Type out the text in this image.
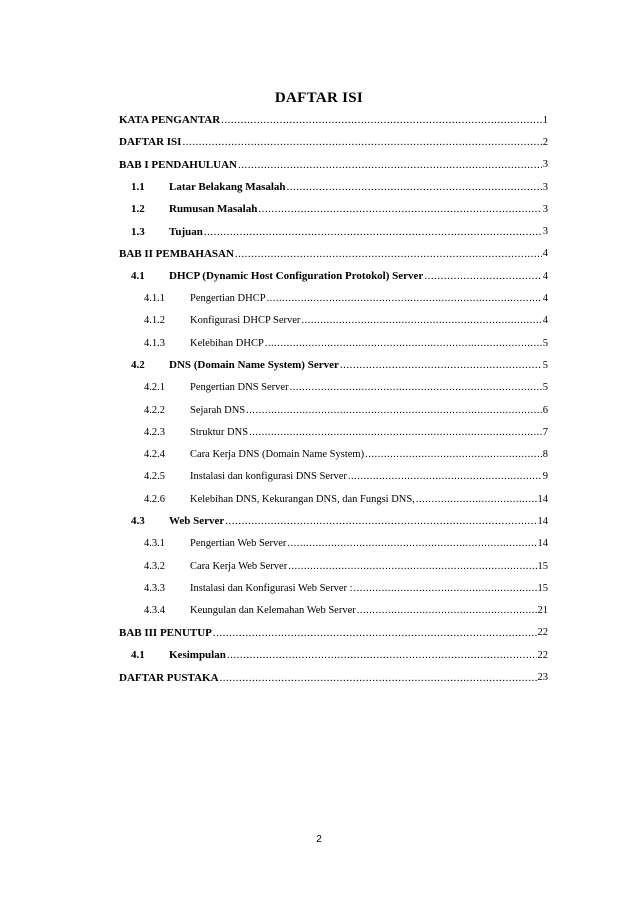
DAFTAR ISI
KATA PENGANTAR .....	1
DAFTAR ISI .....	2
BAB I PENDAHULUAN .....	3
1.1	Latar Belakang Masalah .....	3
1.2	Rumusan Masalah .....	3
1.3	Tujuan .....	3
BAB II PEMBAHASAN .....	4
4.1	DHCP (Dynamic Host Configuration Protokol) Server .....	4
4.1.1	Pengertian DHCP .....	4
4.1.2	Konfigurasi DHCP Server .....	4
4.1.3	Kelebihan DHCP .....	5
4.2	DNS (Domain Name System) Server .....	5
4.2.1	Pengertian DNS Server .....	5
4.2.2	Sejarah DNS .....	6
4.2.3	Struktur DNS .....	7
4.2.4	Cara Kerja DNS (Domain Name System) .....	8
4.2.5	Instalasi dan konfigurasi DNS Server .....	9
4.2.6	Kelebihan DNS, Kekurangan DNS, dan Fungsi DNS, .....	14
4.3	Web Server .....	14
4.3.1	Pengertian Web Server .....	14
4.3.2	Cara Kerja Web Server .....	15
4.3.3	Instalasi dan Konfigurasi Web Server : .....	15
4.3.4	Keungulan dan Kelemahan Web Server .....	21
BAB III PENUTUP .....	22
4.1	Kesimpulan .....	22
DAFTAR PUSTAKA .....	23
2
